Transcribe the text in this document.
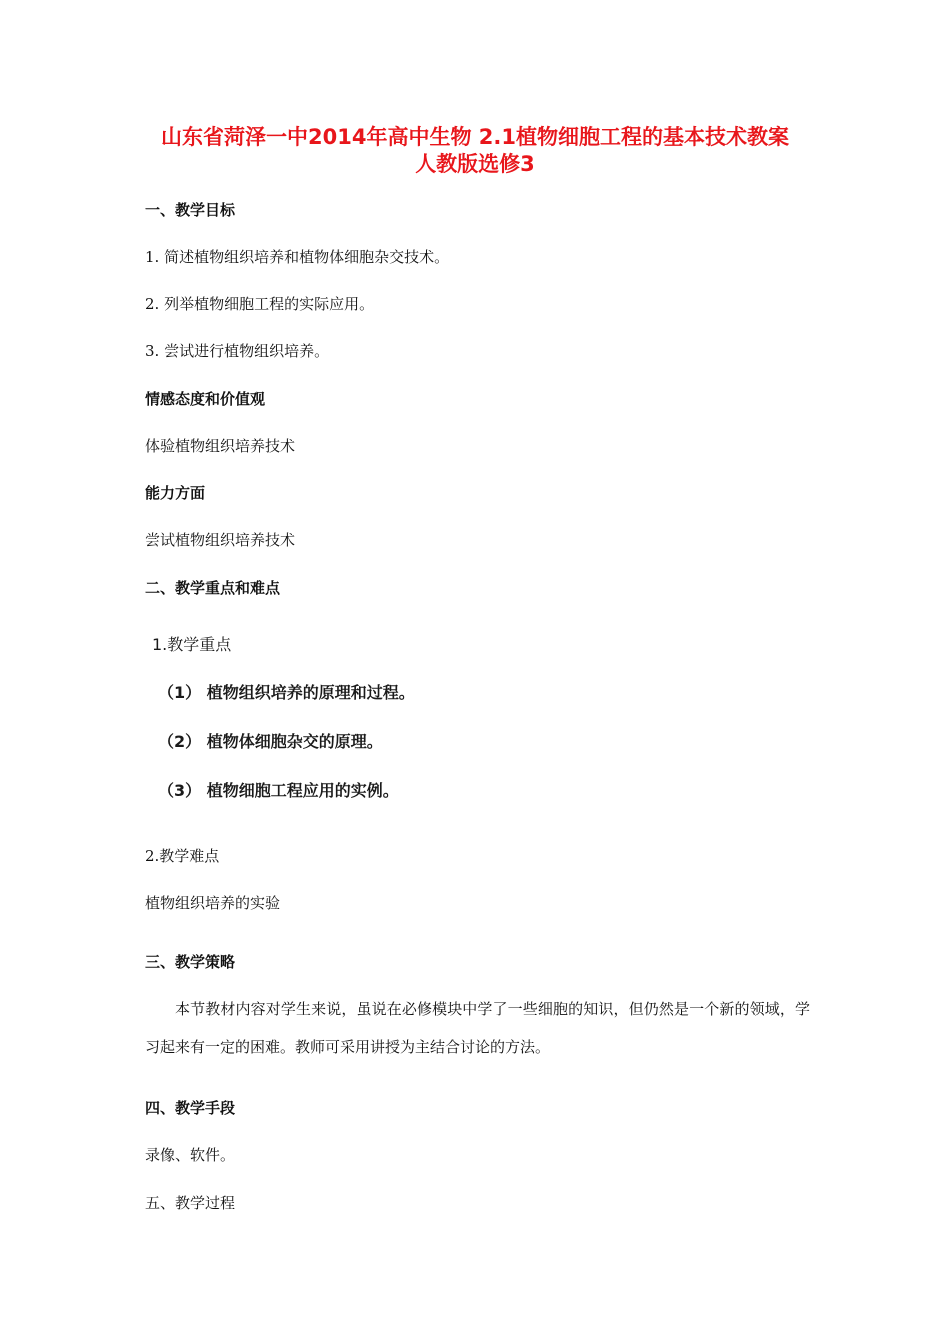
山东省菏泽一中2014年高中生物 2.1植物细胞工程的基本技术教案
人教版选修3
一、教学目标
1. 简述植物组织培养和植物体细胞杂交技术。
2. 列举植物细胞工程的实际应用。
3. 尝试进行植物组织培养。
情感态度和价值观
体验植物组织培养技术
能力方面
尝试植物组织培养技术
二、教学重点和难点
1.教学重点
（1） 植物组织培养的原理和过程。
（2） 植物体细胞杂交的原理。
（3） 植物细胞工程应用的实例。
2.教学难点
植物组织培养的实验
三、教学策略
本节教材内容对学生来说，虽说在必修模块中学了一些细胞的知识，但仍然是一个新的领域，学习起来有一定的困难。教师可采用讲授为主结合讨论的方法。
四、教学手段
录像、软件。
五、教学过程
